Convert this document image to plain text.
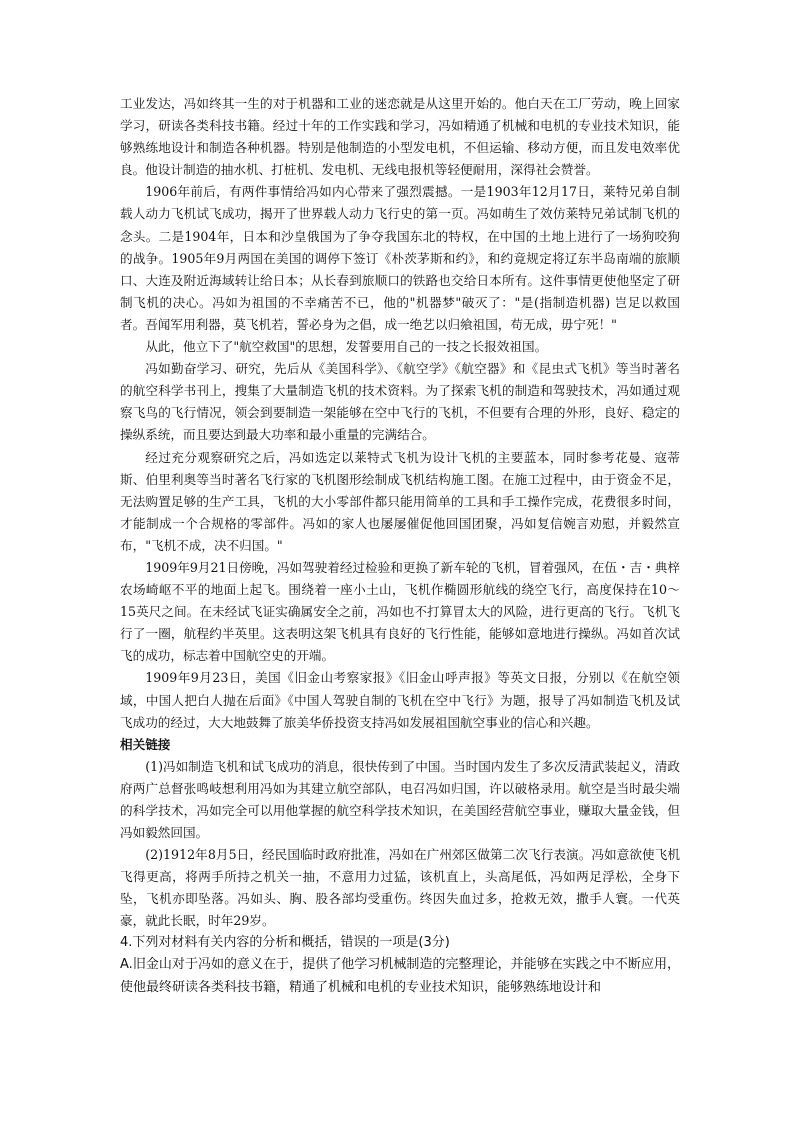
工业发达，冯如终其一生的对于机器和工业的迷恋就是从这里开始的。他白天在工厂劳动，晚上回家学习，研读各类科技书籍。经过十年的工作实践和学习，冯如精通了机械和电机的专业技术知识，能够熟练地设计和制造各种机器。特别是他制造的小型发电机，不但运输、移动方便，而且发电效率优良。他设计制造的抽水机、打桩机、发电机、无线电报机等轻便耐用，深得社会赞誉。

1906年前后，有两件事情给冯如内心带来了强烈震撼。一是1903年12月17日，莱特兄弟自制载人动力飞机试飞成功，揭开了世界载人动力飞行史的第一页。冯如萌生了效仿莱特兄弟试制飞机的念头。二是1904年，日本和沙皇俄国为了争夺我国东北的特权，在中国的土地上进行了一场狗咬狗的战争。1905年9月两国在美国的调停下签订《朴茨茅斯和约》，和约竟规定将辽东半岛南端的旅顺口、大连及附近海域转让给日本；从长春到旅顺口的铁路也交给日本所有。这件事情更使他坚定了研制飞机的决心。冯如为祖国的不幸痛苦不已，他的"机器梦"破灭了："是(指制造机器) 岂足以救国者。吾闻军用利器，莫飞机若，誓必身为之倡，成一绝艺以归飨祖国，苟无成，毋宁死！"

从此，他立下了"航空救国"的思想，发誓要用自己的一技之长报效祖国。

冯如勤奋学习、研究，先后从《美国科学》、《航空学》《航空器》和《昆虫式飞机》等当时著名的航空科学书刊上，搜集了大量制造飞机的技术资料。为了探索飞机的制造和驾驶技术，冯如通过观察飞鸟的飞行情况，领会到要制造一架能够在空中飞行的飞机，不但要有合理的外形，良好、稳定的操纵系统，而且要达到最大功率和最小重量的完满结合。

经过充分观察研究之后，冯如选定以莱特式飞机为设计飞机的主要蓝本，同时参考花曼、寇蒂斯、伯里利奥等当时著名飞行家的飞机图形绘制成飞机结构施工图。在施工过程中，由于资金不足，无法购置足够的生产工具，飞机的大小零部件都只能用简单的工具和手工操作完成，花费很多时间，才能制成一个合规格的零部件。冯如的家人也屡屡催促他回国团聚，冯如复信婉言劝慰，并毅然宣布，"飞机不成，决不归国。"

1909年9月21日傍晚，冯如驾驶着经过检验和更换了新车轮的飞机，冒着强风，在伍・吉・典梓农场崎岖不平的地面上起飞。围绕着一座小土山，飞机作椭圆形航线的绕空飞行，高度保持在10～15英尺之间。在未经试飞证实确属安全之前，冯如也不打算冒太大的风险，进行更高的飞行。飞机飞行了一圈，航程约半英里。这表明这架飞机具有良好的飞行性能，能够如意地进行操纵。冯如首次试飞的成功，标志着中国航空史的开端。

1909年9月23日，美国《旧金山考察家报》《旧金山呼声报》等英文日报，分别以《在航空领域，中国人把白人抛在后面》《中国人驾驶自制的飞机在空中飞行》为题，报导了冯如制造飞机及试飞成功的经过，大大地鼓舞了旅美华侨投资支持冯如发展祖国航空事业的信心和兴趣。

相关链接

(1)冯如制造飞机和试飞成功的消息，很快传到了中国。当时国内发生了多次反清武装起义，清政府两广总督张鸣岐想利用冯如为其建立航空部队，电召冯如归国，许以破格录用。航空是当时最尖端的科学技术，冯如完全可以用他掌握的航空科学技术知识，在美国经营航空事业，赚取大量金钱，但冯如毅然回国。

(2)1912年8月5日，经民国临时政府批准，冯如在广州郊区做第二次飞行表演。冯如意欲使飞机飞得更高，将两手所持之机关一抽，不意用力过猛，该机直上，头高尾低，冯如两足浮松，全身下坠，飞机亦即坠落。冯如头、胸、股各部均受重伤。终因失血过多，抢救无效，撒手人寰。一代英豪，就此长眠，时年29岁。

4.下列对材料有关内容的分析和概括，错误的一项是(3分)

A.旧金山对于冯如的意义在于，提供了他学习机械制造的完整理论，并能够在实践之中不断应用，使他最终研读各类科技书籍，精通了机械和电机的专业技术知识，能够熟练地设计和
